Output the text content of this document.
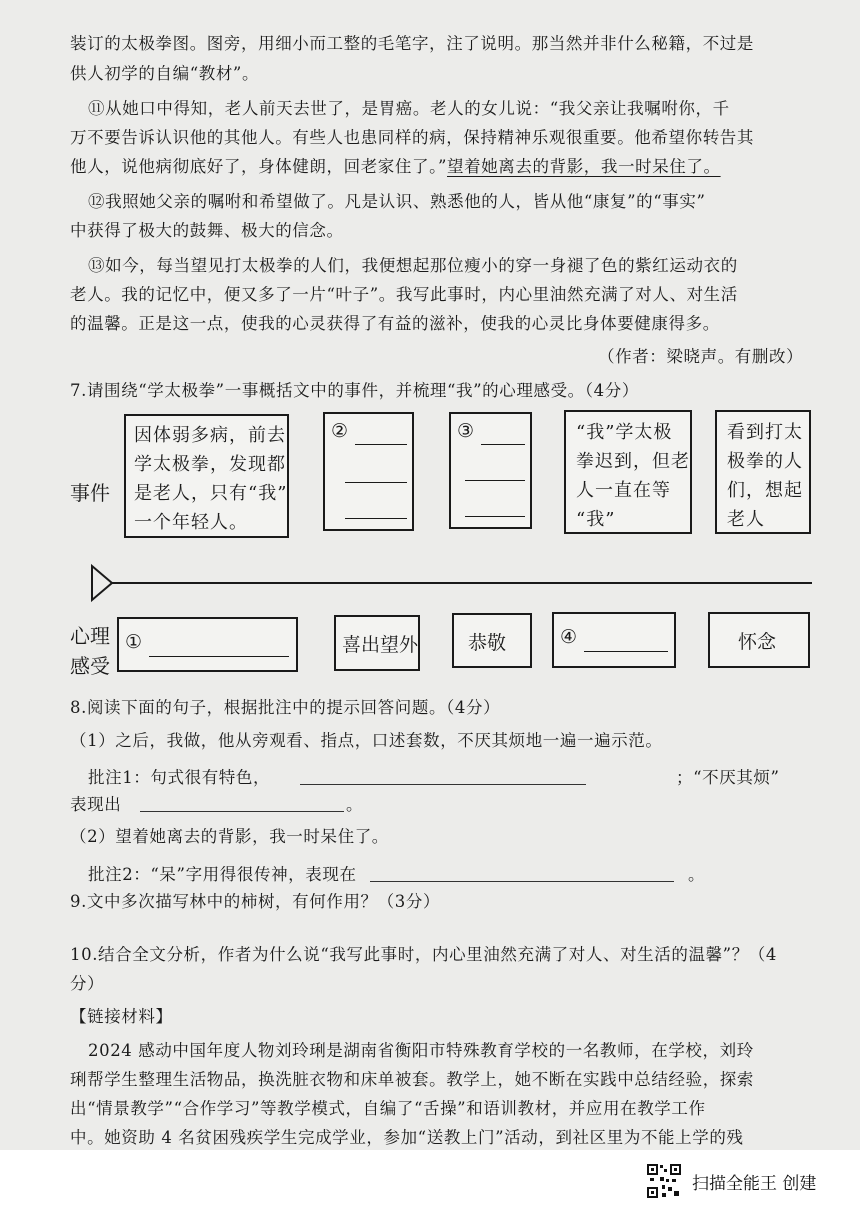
装订的太极拳图。图旁，用细小而工整的毛笔字，注了说明。那当然并非什么秘籍，不过是
供人初学的自编“教材”。
⑪从她口中得知，老人前天去世了，是胃癌。老人的女儿说：“我父亲让我嘱咐你，千
万不要告诉认识他的其他人。有些人也患同样的病，保持精神乐观很重要。他希望你转告其
他人，说他病彻底好了，身体健朗，回老家住了。”望着她离去的背影，我一时呆住了。
⑫我照她父亲的嘱咐和希望做了。凡是认识、熟悉他的人，皆从他“康复”的“事实”
中获得了极大的鼓舞、极大的信念。
⑬如今，每当望见打太极拳的人们，我便想起那位瘦小的穿一身褪了色的紫红运动衣的
老人。我的记忆中，便又多了一片“叶子”。我写此事时，内心里油然充满了对人、对生活
的温馨。正是这一点，使我的心灵获得了有益的滋补，使我的心灵比身体要健康得多。
（作者：梁晓声。有删改）
7.请围绕“学太极拳”一事概括文中的事件，并梳理“我”的心理感受。（4分）
事件
因体弱多病，前去
学太极拳，发现都
是老人，只有“我”
一个年轻人。
②	③	“我”学太极
拳迟到，但老
人一直在等
“我”
看到打太
极拳的人
们，想起
老人
心理
感受
①	喜出望外	恭敬	④	怀念
8.阅读下面的句子，根据批注中的提示回答问题。（4分）
（1）之后，我做，他从旁观看、指点，口述套数，不厌其烦地一遍一遍示范。
批注1：句式很有特色，	；“不厌其烦”
表现出	。
（2）望着她离去的背影，我一时呆住了。
批注2：“呆”字用得很传神，表现在	。
9.文中多次描写林中的柿树，有何作用？（3分）
10.结合全文分析，作者为什么说“我写此事时，内心里油然充满了对人、对生活的温馨”？（4
分）
【链接材料】
2024 感动中国年度人物刘玲琍是湖南省衡阳市特殊教育学校的一名教师，在学校，刘玲
琍帮学生整理生活物品，换洗脏衣物和床单被套。教学上，她不断在实践中总结经验，探索
出“情景教学”“合作学习”等教学模式，自编了“舌操”和语训教材，并应用在教学工作
中。她资助 4 名贫困残疾学生完成学业，参加“送教上门”活动，到社区里为不能上学的残
扫描全能王 创建
